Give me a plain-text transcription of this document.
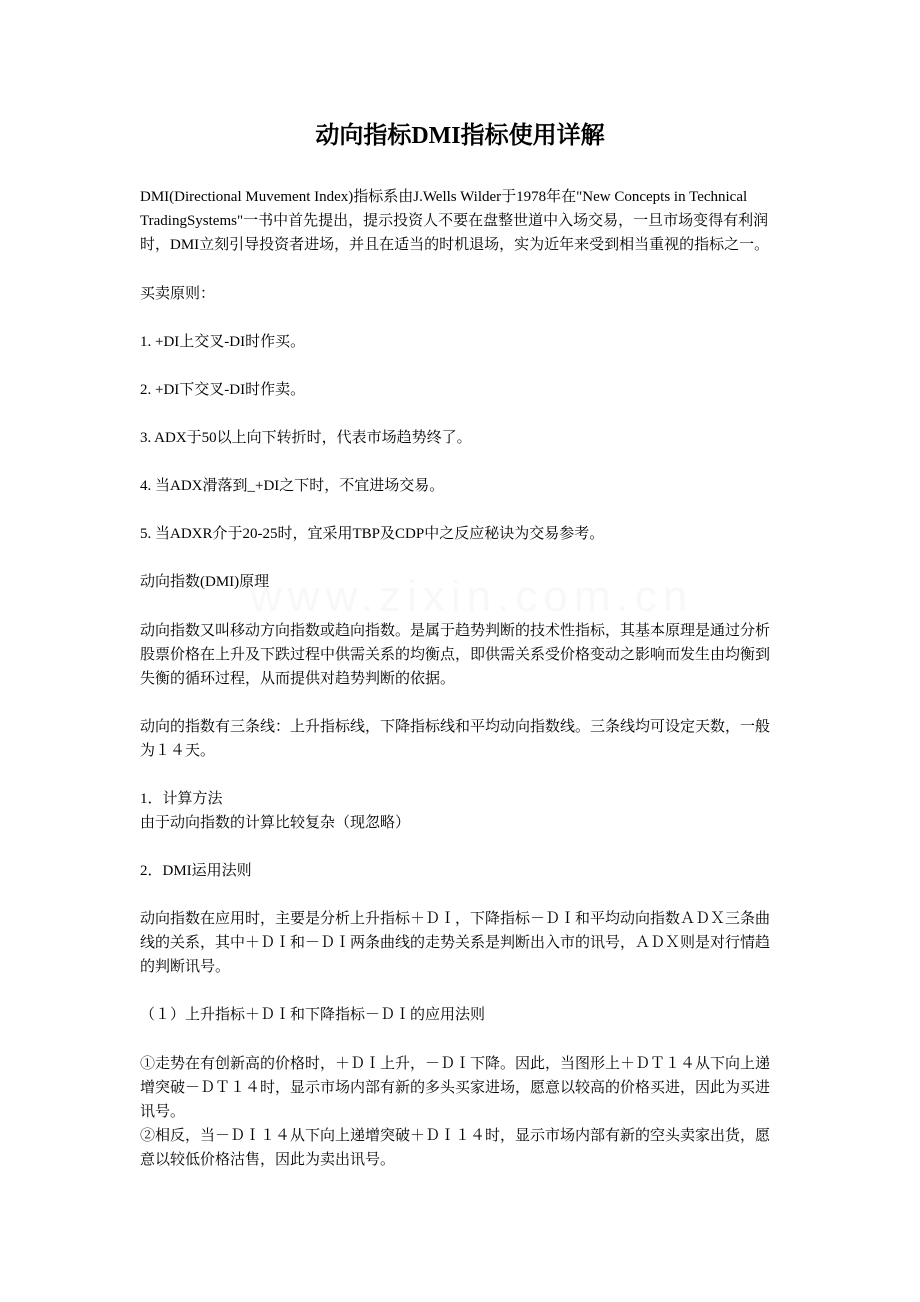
www.zixin.com.cn
动向指标DMI指标使用详解
DMI(Directional Muvement Index)指标系由J.Wells Wilder于1978年在"New Concepts in Technical
TradingSystems"一书中首先提出，提示投资人不要在盘整世道中入场交易，一旦市场变得有利润
时，DMI立刻引导投资者进场，并且在适当的时机退场，实为近年来受到相当重视的指标之一。
买卖原则：
1. +DI上交叉-DI时作买。
2. +DI下交叉-DI时作卖。
3. ADX于50以上向下转折时，代表市场趋势终了。
4. 当ADX滑落到_+DI之下时，不宜进场交易。
5. 当ADXR介于20-25时，宜采用TBP及CDP中之反应秘诀为交易参考。
动向指数(DMI)原理
动向指数又叫移动方向指数或趋向指数。是属于趋势判断的技术性指标，其基本原理是通过分析
股票价格在上升及下跌过程中供需关系的均衡点，即供需关系受价格变动之影响而发生由均衡到
失衡的循环过程，从而提供对趋势判断的依据。
动向的指数有三条线：上升指标线，下降指标线和平均动向指数线。三条线均可设定天数，一般
为１４天。
1．计算方法
由于动向指数的计算比较复杂（现忽略）
2．DMI运用法则
动向指数在应用时，主要是分析上升指标＋ＤＩ，下降指标－ＤＩ和平均动向指数ＡＤＸ三条曲
线的关系，其中＋ＤＩ和－ＤＩ两条曲线的走势关系是判断出入市的讯号，ＡＤＸ则是对行情趋
的判断讯号。
（１）上升指标＋ＤＩ和下降指标－ＤＩ的应用法则
①走势在有创新高的价格时，＋ＤＩ上升，－ＤＩ下降。因此，当图形上＋ＤＴ１４从下向上递
增突破－ＤＴ１４时，显示市场内部有新的多头买家进场，愿意以较高的价格买进，因此为买进
讯号。
②相反，当－ＤＩ１４从下向上递增突破＋ＤＩ１４时，显示市场内部有新的空头卖家出货，愿
意以较低价格沽售，因此为卖出讯号。
